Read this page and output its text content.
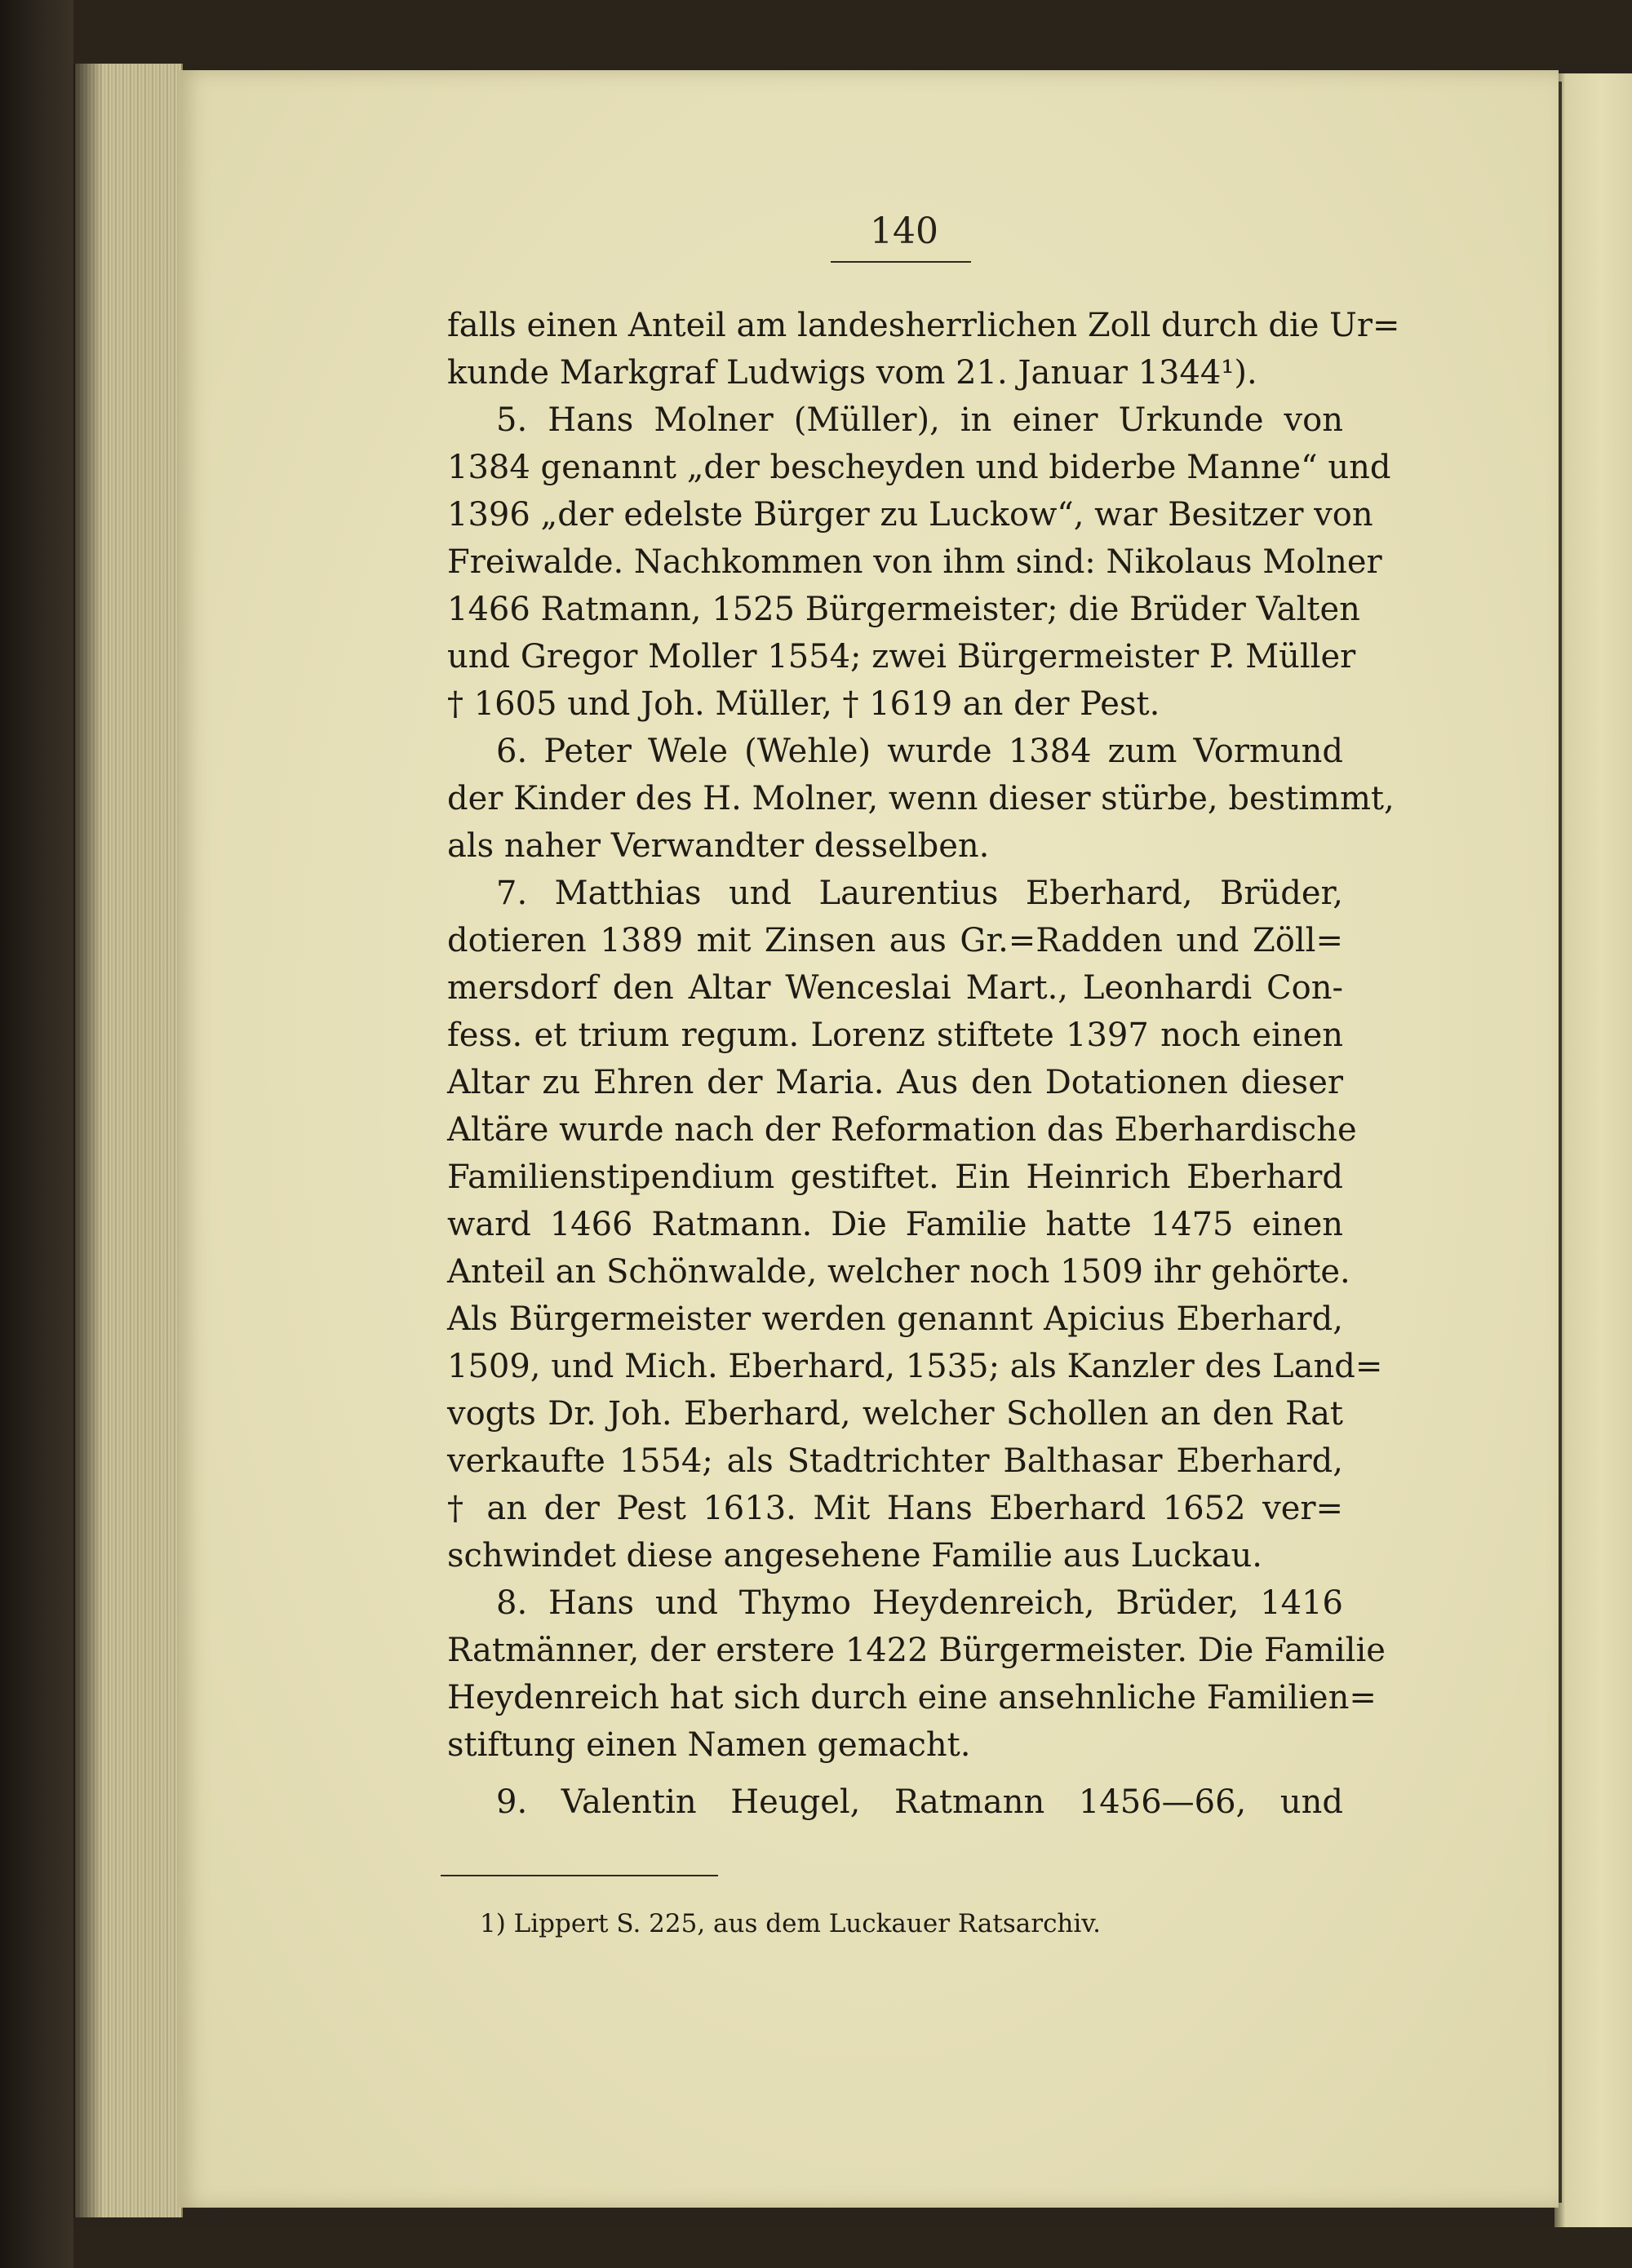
140
falls einen Anteil am landesherrlichen Zoll durch die Ur=
kunde Markgraf Ludwigs vom 21. Januar 1344¹).
5. Hans Molner (Müller), in einer Urkunde von
1384 genannt „der bescheyden und biderbe Manne“ und
1396 „der edelste Bürger zu Luckow“, war Besitzer von
Freiwalde. Nachkommen von ihm sind: Nikolaus Molner
1466 Ratmann, 1525 Bürgermeister; die Brüder Valten
und Gregor Moller 1554; zwei Bürgermeister P. Müller
† 1605 und Joh. Müller, † 1619 an der Pest.
6. Peter Wele (Wehle) wurde 1384 zum Vormund
der Kinder des H. Molner, wenn dieser stürbe, bestimmt,
als naher Verwandter desselben.
7. Matthias und Laurentius Eberhard, Brüder,
dotieren 1389 mit Zinsen aus Gr.=Radden und Zöll=
mersdorf den Altar Wenceslai Mart., Leonhardi Con-
fess. et trium regum. Lorenz stiftete 1397 noch einen
Altar zu Ehren der Maria. Aus den Dotationen dieser
Altäre wurde nach der Reformation das Eberhardische
Familienstipendium gestiftet. Ein Heinrich Eberhard
ward 1466 Ratmann. Die Familie hatte 1475 einen
Anteil an Schönwalde, welcher noch 1509 ihr gehörte.
Als Bürgermeister werden genannt Apicius Eberhard,
1509, und Mich. Eberhard, 1535; als Kanzler des Land=
vogts Dr. Joh. Eberhard, welcher Schollen an den Rat
verkaufte 1554; als Stadtrichter Balthasar Eberhard,
† an der Pest 1613. Mit Hans Eberhard 1652 ver=
schwindet diese angesehene Familie aus Luckau.
8. Hans und Thymo Heydenreich, Brüder, 1416
Ratmänner, der erstere 1422 Bürgermeister. Die Familie
Heydenreich hat sich durch eine ansehnliche Familien=
stiftung einen Namen gemacht.
9. Valentin Heugel, Ratmann 1456—66, und
1) Lippert S. 225, aus dem Luckauer Ratsarchiv.
